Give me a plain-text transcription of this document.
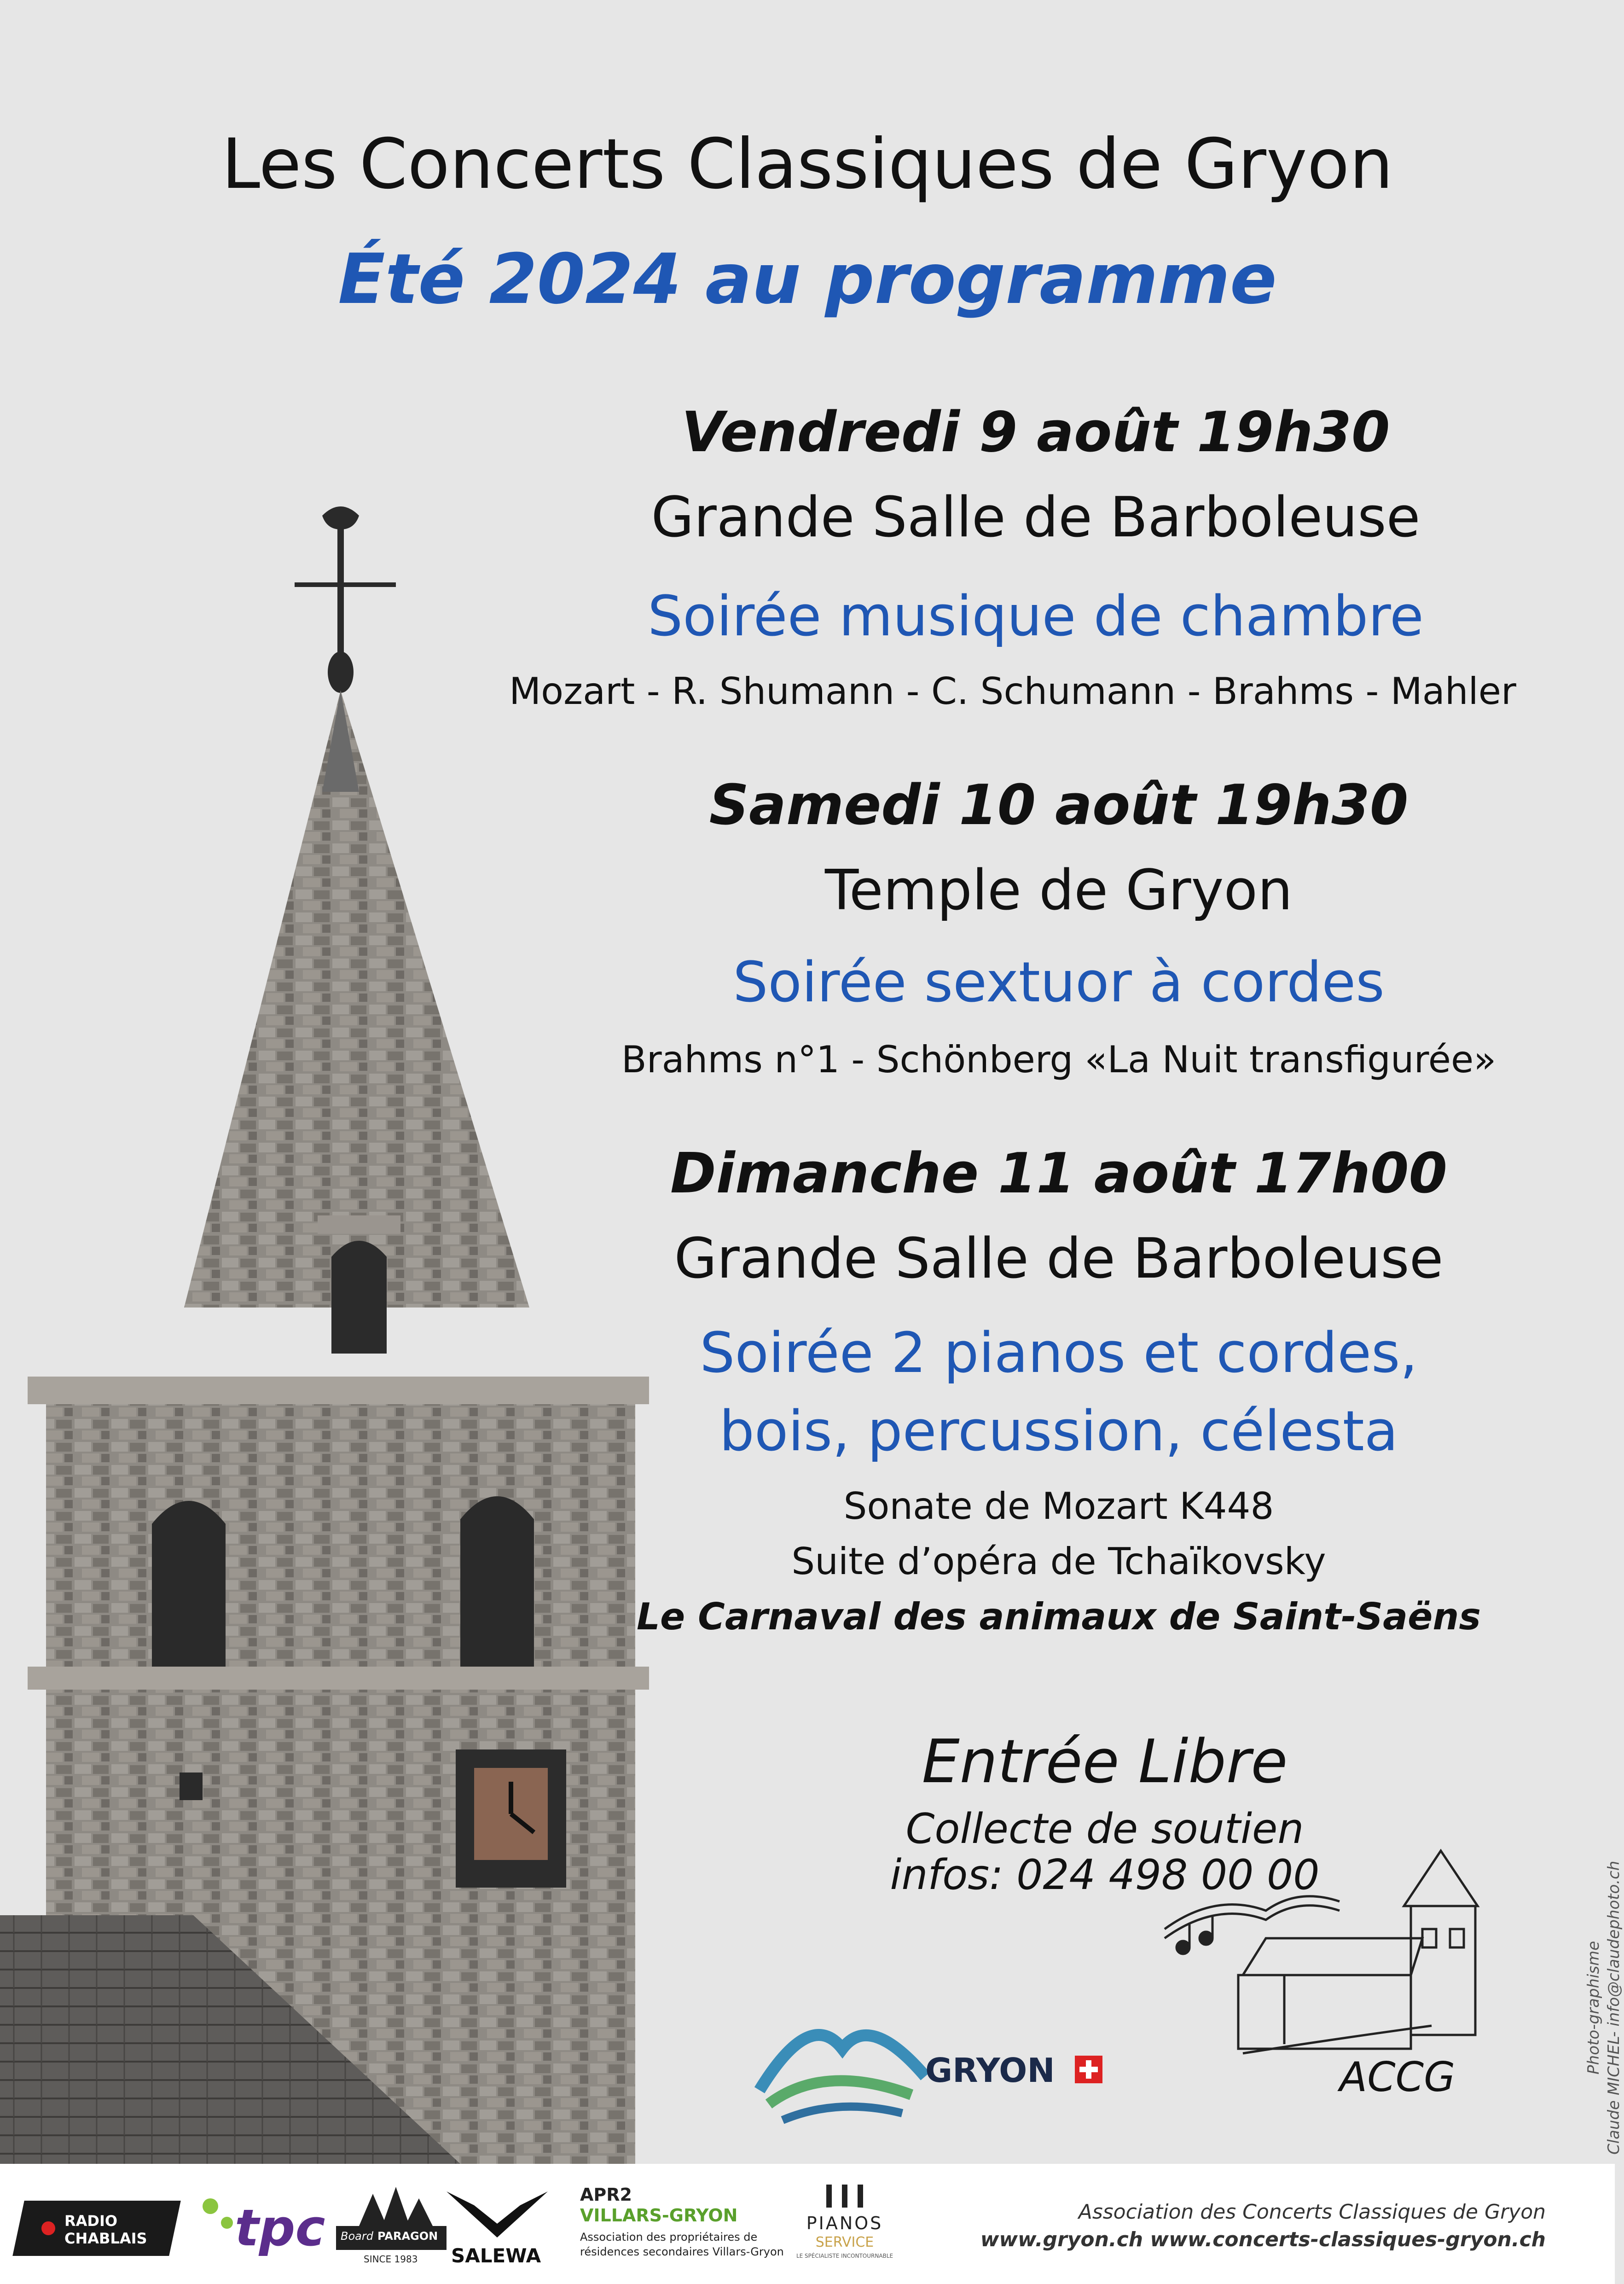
Les Concerts Classiques de Gryon
Été 2024 au programme
Vendredi 9 août 19h30
Grande Salle de Barboleuse
Soirée musique de chambre
Mozart - R. Shumann - C. Schumann - Brahms - Mahler
Samedi 10 août 19h30
Temple de Gryon
Soirée sextuor à cordes
Brahms n°1 - Schönberg «La Nuit transfigurée»
Dimanche 11 août 17h00
Grande Salle de Barboleuse
Soirée 2 pianos et cordes,
bois, percussion, célesta
Sonate de Mozart K448
Suite d’opéra de Tchaïkovsky
Le Carnaval des animaux de Saint-Saëns
Entrée Libre
Collecte de soutien
infos: 024 498 00 00
GRYON	ACCG
RADIO
CHABLAIS tpc Board PARAGON
SINCE 1983 SALEWA
APR2
VILLARS-GRYON
Association des propriétaires de
résidences secondaires Villars-Gryon
PIANOS
SERVICE
LE SPÉCIALISTE INCONTOURNABLE
Association des Concerts Classiques de Gryon
www.gryon.ch www.concerts-classiques-gryon.ch
Photo-graphisme Claude MICHEL- info@claudephoto.ch
